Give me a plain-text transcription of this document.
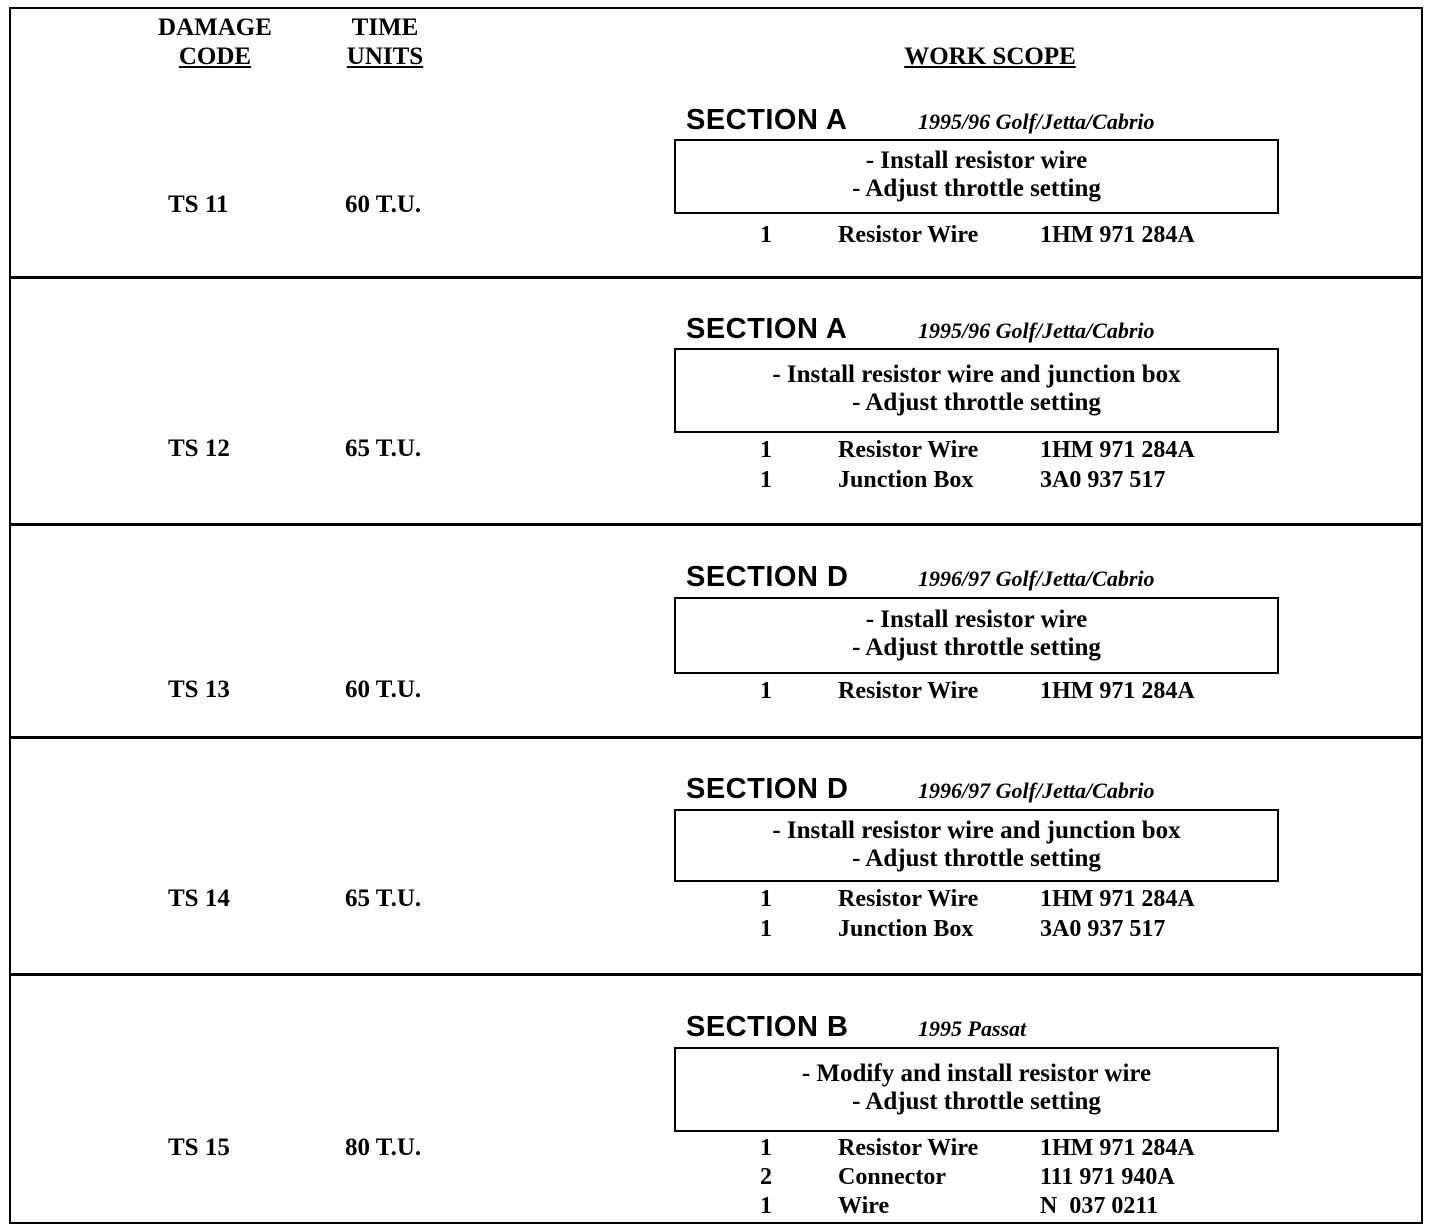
DAMAGE
CODE
TIME
UNITS	WORK SCOPE
TS 11	60 T.U.
SECTION A	1995/96 Golf/Jetta/Cabrio
- Install resistor wire
- Adjust throttle setting
1	Resistor Wire	1HM 971 284A
TS 12	65 T.U.
SECTION A	1995/96 Golf/Jetta/Cabrio
- Install resistor wire and junction box
- Adjust throttle setting
1	Resistor Wire	1HM 971 284A
1	Junction Box	3A0 937 517
TS 13	60 T.U.
SECTION D	1996/97 Golf/Jetta/Cabrio
- Install resistor wire
- Adjust throttle setting
1	Resistor Wire	1HM 971 284A
TS 14	65 T.U.
SECTION D	1996/97 Golf/Jetta/Cabrio
- Install resistor wire and junction box
- Adjust throttle setting
1	Resistor Wire	1HM 971 284A
1	Junction Box	3A0 937 517
TS 15	80 T.U.
SECTION B	1995 Passat
- Modify and install resistor wire
- Adjust throttle setting
1	Resistor Wire	1HM 971 284A
2	Connector	111 971 940A
1	Wire	N  037 0211
